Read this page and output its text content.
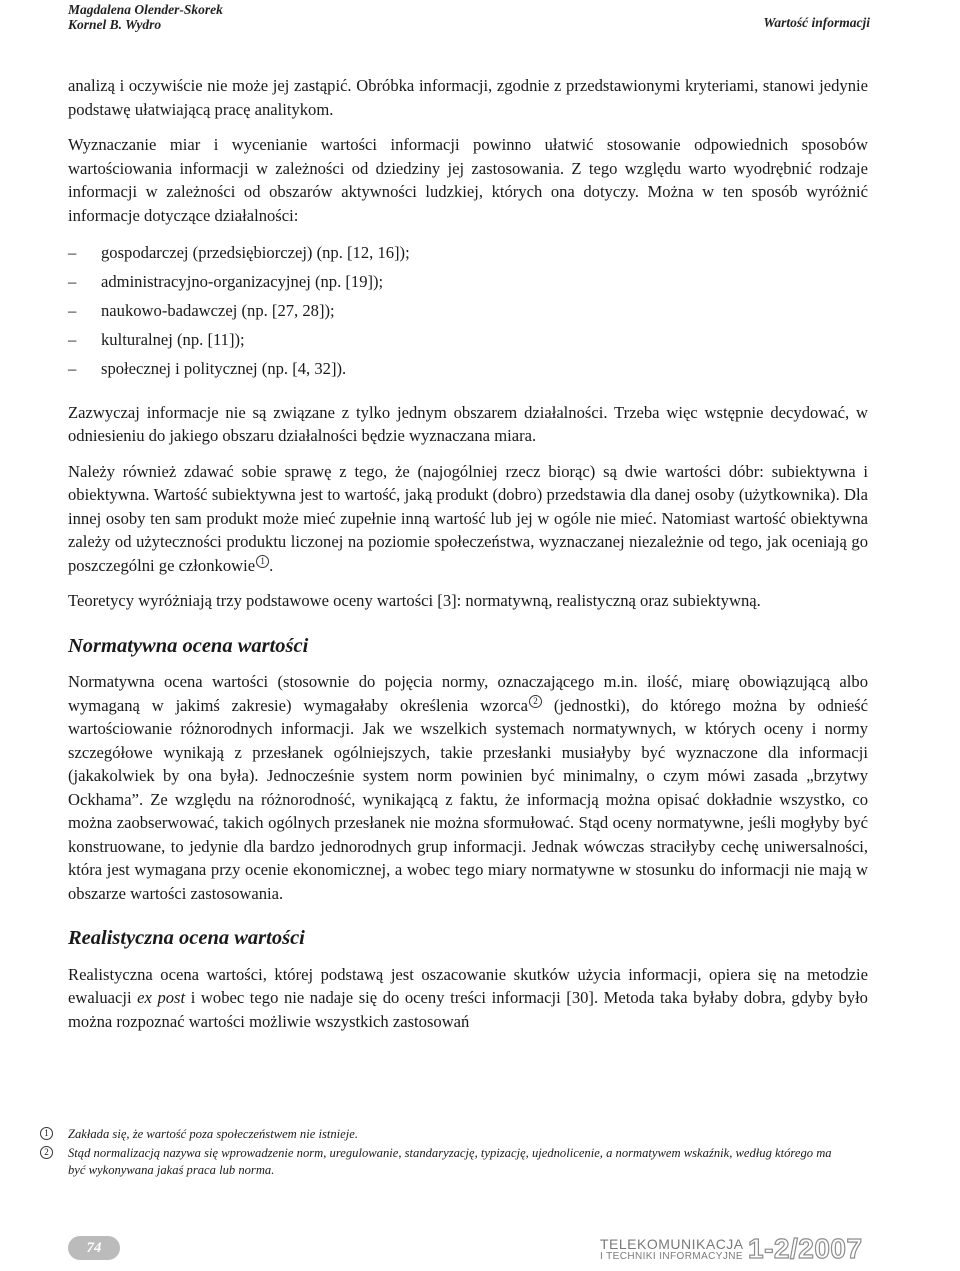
Magdalena Olender-Skorek
Kornel B. Wydro	Wartość informacji

analizą i oczywiście nie może jej zastąpić. Obróbka informacji, zgodnie z przedstawionymi kryteriami, stanowi jedynie podstawę ułatwiającą pracę analitykom.

Wyznaczanie miar i wycenianie wartości informacji powinno ułatwić stosowanie odpowiednich sposobów wartościowania informacji w zależności od dziedziny jej zastosowania. Z tego względu warto wyodrębnić rodzaje informacji w zależności od obszarów aktywności ludzkiej, których ona dotyczy. Można w ten sposób wyróżnić informacje dotyczące działalności:

– gospodarczej (przedsiębiorczej) (np. [12, 16]);
– administracyjno-organizacyjnej (np. [19]);
– naukowo-badawczej (np. [27, 28]);
– kulturalnej (np. [11]);
– społecznej i politycznej (np. [4, 32]).

Zazwyczaj informacje nie są związane z tylko jednym obszarem działalności. Trzeba więc wstępnie decydować, w odniesieniu do jakiego obszaru działalności będzie wyznaczana miara.

Należy również zdawać sobie sprawę z tego, że (najogólniej rzecz biorąc) są dwie wartości dóbr: subiektywna i obiektywna. Wartość subiektywna jest to wartość, jaką produkt (dobro) przedstawia dla danej osoby (użytkownika). Dla innej osoby ten sam produkt może mieć zupełnie inną wartość lub jej w ogóle nie mieć. Natomiast wartość obiektywna zależy od użyteczności produktu liczonej na poziomie społeczeństwa, wyznaczanej niezależnie od tego, jak oceniają go poszczególni ge członkowie $^1$ .

Teoretycy wyróżniają trzy podstawowe oceny wartości [3]: normatywną, realistyczną oraz subiektywną.

Normatywna ocena wartości

Normatywna ocena wartości (stosownie do pojęcia normy, oznaczającego m.in. ilość, miarę obowiązującą albo wymaganą w jakimś zakresie) wymagałaby określenia wzorca $^2$ (jednostki), do którego można by odnieść wartościowanie różnorodnych informacji. Jak we wszelkich systemach normatywnych, w których oceny i normy szczegółowe wynikają z przesłanek ogólniejszych, takie przesłanki musiałyby być wyznaczone dla informacji (jakakolwiek by ona była). Jednocześnie system norm powinien być minimalny, o czym mówi zasada „brzytwy Ockhama”. Ze względu na różnorodność, wynikającą z faktu, że informacją można opisać dokładnie wszystko, co można zaobserwować, takich ogólnych przesłanek nie można sformułować. Stąd oceny normatywne, jeśli mogłyby być konstruowane, to jedynie dla bardzo jednorodnych grup informacji. Jednak wówczas straciłyby cechę uniwersalności, która jest wymagana przy ocenie ekonomicznej, a wobec tego miary normatywne w stosunku do informacji nie mają w obszarze wartości zastosowania.

Realistyczna ocena wartości

Realistyczna ocena wartości, której podstawą jest oszacowanie skutków użycia informacji, opiera się na metodzie ewaluacji ex post i wobec tego nie nadaje się do oceny treści informacji [30]. Metoda taka byłaby dobra, gdyby było można rozpoznać wartości możliwie wszystkich zastosowań

1	Zakłada się, że wartość poza społeczeństwem nie istnieje.
2	Stąd normalizacją nazywa się wprowadzenie norm, uregulowanie, standaryzację, typizację, ujednolicenie, a normatywem wskaźnik, według którego ma być wykonywana jakaś praca lub norma.
74	TELEKOMUNIKACJA
I TECHNIKI INFORMACYJNE 1-2/2007
